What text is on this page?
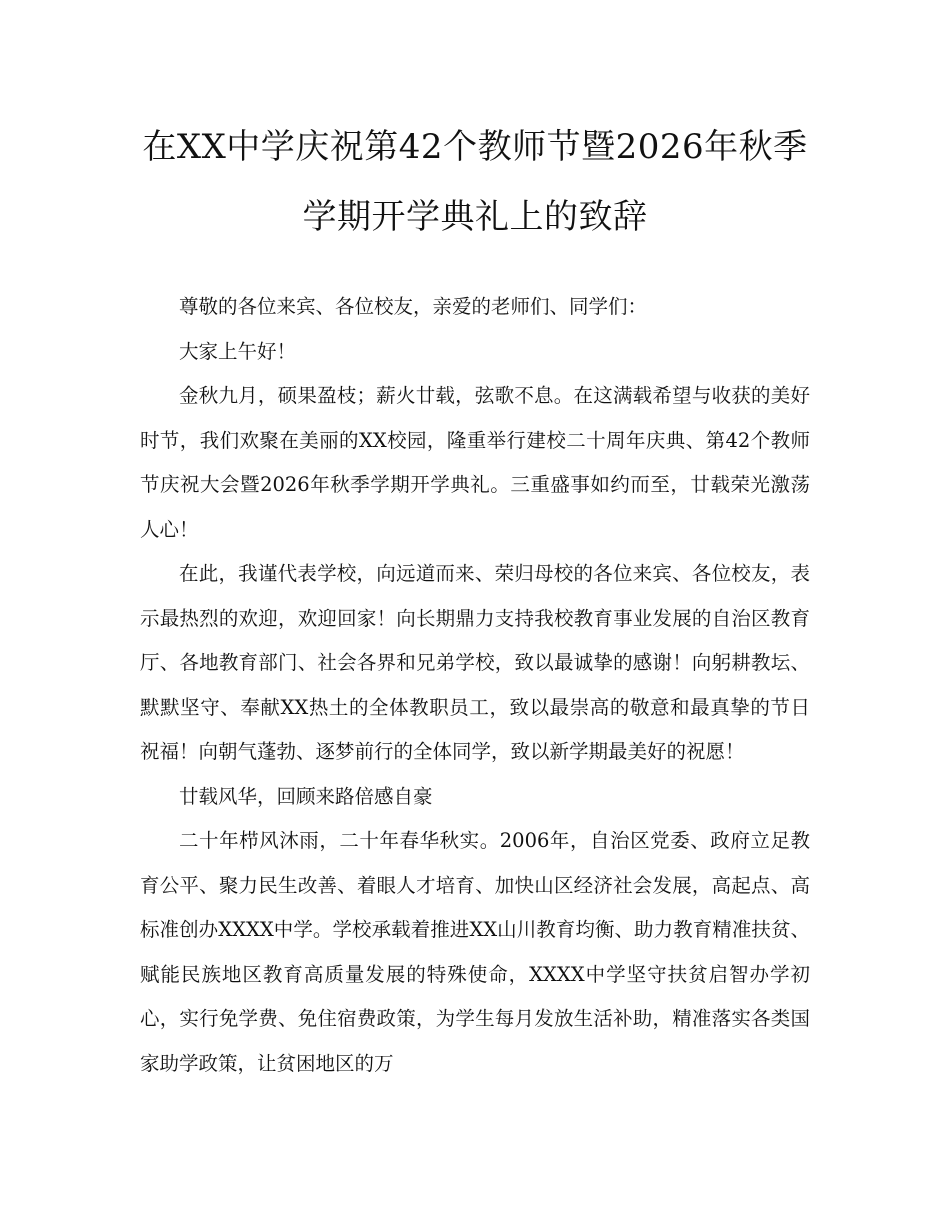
在XX中学庆祝第42个教师节暨2026年秋季
学期开学典礼上的致辞

尊敬的各位来宾、各位校友，亲爱的老师们、同学们：

大家上午好！

金秋九月，硕果盈枝；薪火廿载，弦歌不息。在这满载希望与收获的美好时节，我们欢聚在美丽的XX校园，隆重举行建校二十周年庆典、第42个教师节庆祝大会暨2026年秋季学期开学典礼。三重盛事如约而至，廿载荣光激荡人心！

在此，我谨代表学校，向远道而来、荣归母校的各位来宾、各位校友，表示最热烈的欢迎，欢迎回家！向长期鼎力支持我校教育事业发展的自治区教育厅、各地教育部门、社会各界和兄弟学校，致以最诚挚的感谢！向躬耕教坛、默默坚守、奉献XX热土的全体教职员工，致以最崇高的敬意和最真挚的节日祝福！向朝气蓬勃、逐梦前行的全体同学，致以新学期最美好的祝愿！

廿载风华，回顾来路倍感自豪

二十年栉风沐雨，二十年春华秋实。2006年，自治区党委、政府立足教育公平、聚力民生改善、着眼人才培育、加快山区经济社会发展，高起点、高标准创办XXXX中学。学校承载着推进XX山川教育均衡、助力教育精准扶贫、赋能民族地区教育高质量发展的特殊使命，XXXX中学坚守扶贫启智办学初心，实行免学费、免住宿费政策，为学生每月发放生活补助，精准落实各类国家助学政策，让贫困地区的万
